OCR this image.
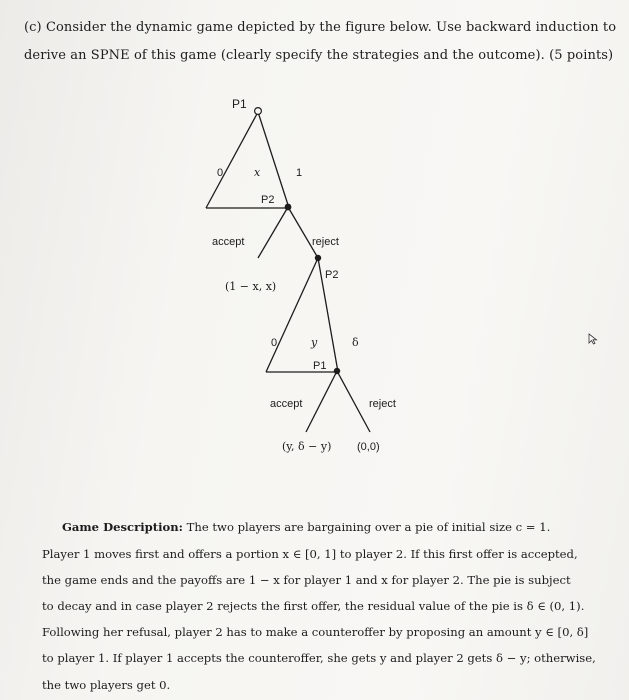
(c) Consider the dynamic game depicted by the figure below. Use backward induction to
derive an SPNE of this game (clearly specify the strategies and the outcome). (5 points)
P1
0	x	1
P2
accept	reject
(1 − x, x)
P2
0	y	δ
P1
accept	reject
(y, δ − y) (0,0)
Game Description: The two players are bargaining over a pie of initial size c = 1.
Player 1 moves first and offers a portion x ∈ [0, 1] to player 2. If this first offer is accepted,
the game ends and the payoffs are 1 − x for player 1 and x for player 2. The pie is subject
to decay and in case player 2 rejects the first offer, the residual value of the pie is δ ∈ (0, 1).
Following her refusal, player 2 has to make a counteroffer by proposing an amount y ∈ [0, δ]
to player 1. If player 1 accepts the counteroffer, she gets y and player 2 gets δ − y; otherwise,
the two players get 0.
